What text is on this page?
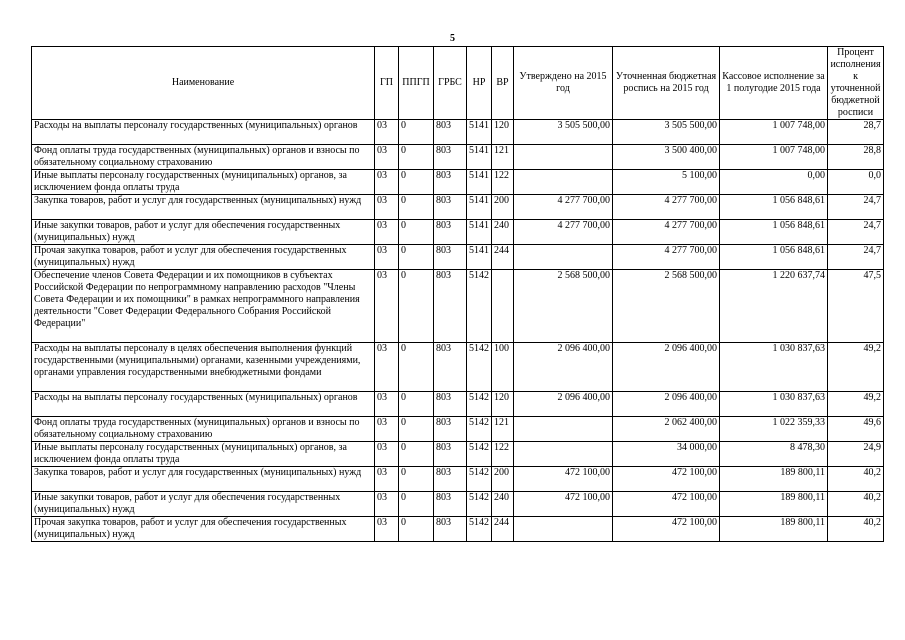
5
Наименование	ГП	ППГП	ГРБС	НР	ВР	Утверждено на 2015 год	Уточненная бюджетная роспись на 2015 год	Кассовое исполнение за 1 полугодие 2015 года	Процент исполнения к уточненной бюджетной росписи
Расходы на выплаты персоналу государственных (муниципальных) органов	03	0	803	5141	120	3 505 500,00	3 505 500,00	1 007 748,00	28,7
Фонд оплаты труда государственных (муниципальных) органов и взносы по обязательному социальному страхованию	03	0	803	5141	121		3 500 400,00	1 007 748,00	28,8
Иные выплаты персоналу государственных (муниципальных) органов, за исключением фонда оплаты труда	03	0	803	5141	122		5 100,00	0,00	0,0
Закупка товаров, работ и услуг для государственных (муниципальных) нужд	03	0	803	5141	200	4 277 700,00	4 277 700,00	1 056 848,61	24,7
Иные закупки товаров, работ и услуг для обеспечения государственных (муниципальных) нужд	03	0	803	5141	240	4 277 700,00	4 277 700,00	1 056 848,61	24,7
Прочая закупка товаров, работ и услуг для обеспечения государственных (муниципальных) нужд	03	0	803	5141	244		4 277 700,00	1 056 848,61	24,7
Обеспечение членов Совета Федерации и их помощников в субъектах Российской Федерации по непрограммному направлению расходов "Члены Совета Федерации и их помощники" в рамках непрограммного направления деятельности "Совет Федерации Федерального Собрания Российской Федерации"	03	0	803	5142		2 568 500,00	2 568 500,00	1 220 637,74	47,5
Расходы на выплаты персоналу в целях обеспечения выполнения функций государственными (муниципальными) органами, казенными учреждениями, органами управления государственными внебюджетными фондами	03	0	803	5142	100	2 096 400,00	2 096 400,00	1 030 837,63	49,2
Расходы на выплаты персоналу государственных (муниципальных) органов	03	0	803	5142	120	2 096 400,00	2 096 400,00	1 030 837,63	49,2
Фонд оплаты труда государственных (муниципальных) органов и взносы по обязательному социальному страхованию	03	0	803	5142	121		2 062 400,00	1 022 359,33	49,6
Иные выплаты персоналу государственных (муниципальных) органов, за исключением фонда оплаты труда	03	0	803	5142	122		34 000,00	8 478,30	24,9
Закупка товаров, работ и услуг для государственных (муниципальных) нужд	03	0	803	5142	200	472 100,00	472 100,00	189 800,11	40,2
Иные закупки товаров, работ и услуг для обеспечения государственных (муниципальных) нужд	03	0	803	5142	240	472 100,00	472 100,00	189 800,11	40,2
Прочая закупка товаров, работ и услуг для обеспечения государственных (муниципальных) нужд	03	0	803	5142	244		472 100,00	189 800,11	40,2
